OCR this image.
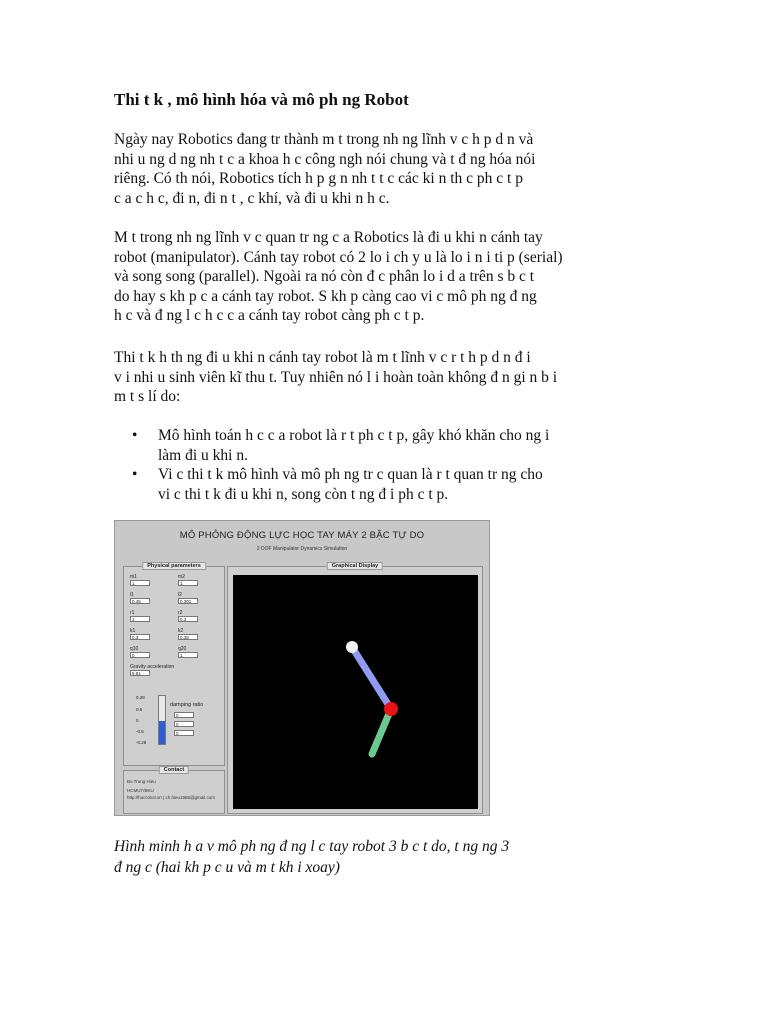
Thi t k , mô hình hóa và mô ph ng Robot
Ngày nay Robotics đang tr thành m t trong nh ng lĩnh v c h p d n và
nhi u ng d ng nh t c a khoa h c công ngh nói chung và t đ ng hóa nói
riêng. Có th nói, Robotics tích h p g n nh t t c các ki n th c ph c t p
c a c h c, đi n, đi n t , c khí, và đi u khi n h c.
M t trong nh ng lĩnh v c quan tr ng c a Robotics là đi u khi n cánh tay
robot (manipulator). Cánh tay robot có 2 lo i ch y u là lo i n i ti p (serial)
và song song (parallel). Ngoài ra nó còn đ c phân lo i d a trên s b c t
do hay s kh p c a cánh tay robot. S kh p càng cao vi c mô ph ng đ ng
h c và đ ng l c h c c a cánh tay robot càng ph c t p.
Thi t k h th ng đi u khi n cánh tay robot là m t lĩnh v c r t h p d n đ i
v i nhi u sinh viên kĩ thu t. Tuy nhiên nó l i hoàn toàn không đ n gi n b i
m t s lí do:
• Mô hình toán h c c a robot là r t ph c t p, gây khó khăn cho ng i
làm đi u khi n.
• Vi c thi t k mô hình và mô ph ng tr c quan là r t quan tr ng cho
vi c thi t k đi u khi n, song còn t ng đ i ph c t p.
Hình minh h a v mô ph ng đ ng l c tay robot 3 b c t do, t ng ng 3
đ ng c (hai kh p c u và m t kh i xoay)
MÔ PHỎNG ĐỘNG LỰC HỌC TAY MÁY 2 BẬC TỰ DO
2 DOF Manipulator Dynamics Simulation
Physical parameters
m1
1
m2
1
l1
0.45
l2
0.301
r1
1
r2
0.3
k1
0.3
k2
0.38
q10
0
q20
1
Gravity acceleration
9.81
0.28
0.5
0
-0.5
-0.28
damping ratio
0
0
0
Contact
Bo Trung Hieu
HCMUT/BKU
http://hocrobot.vn | ch.hieu1985@gmail.com
Graphical Display
